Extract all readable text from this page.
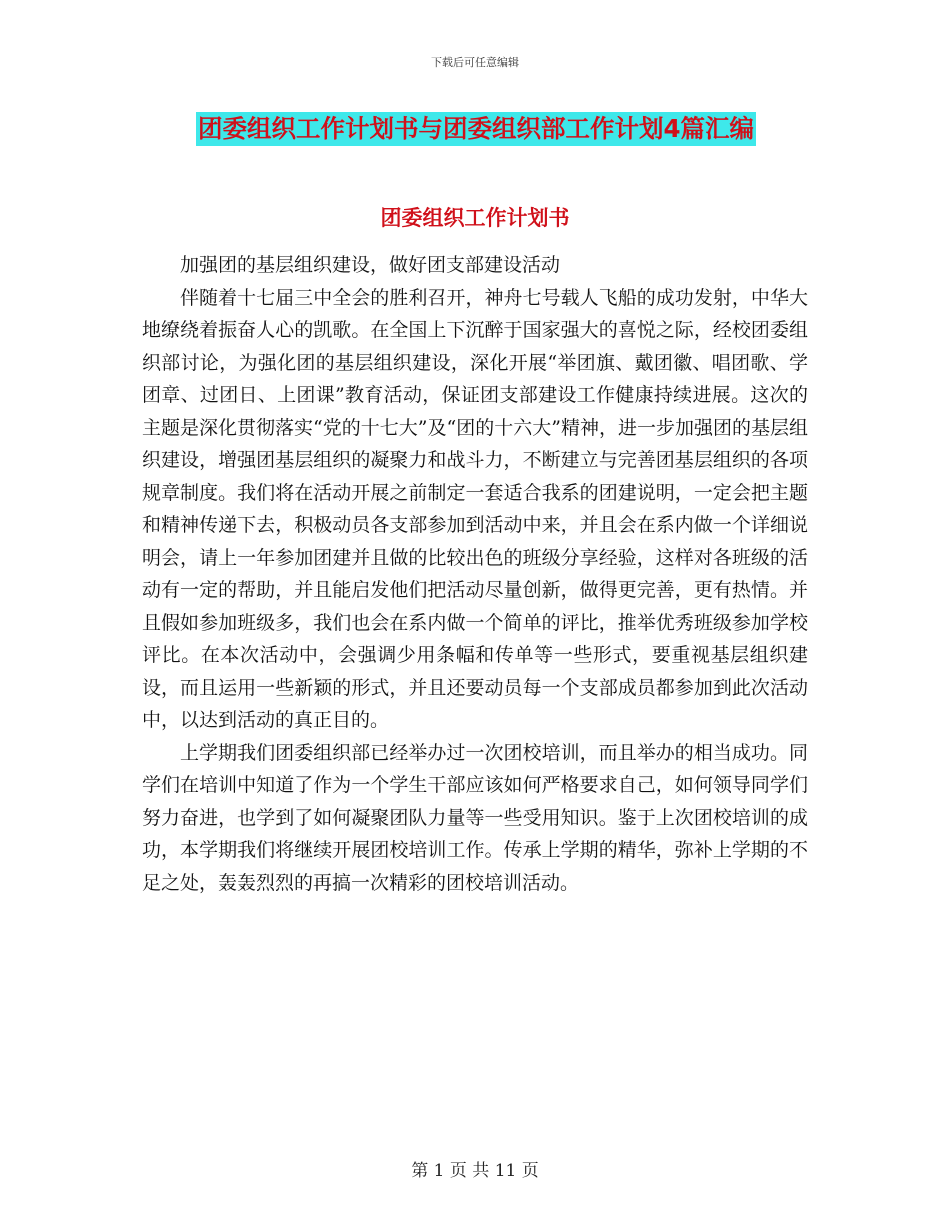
下载后可任意编辑
团委组织工作计划书与团委组织部工作计划4篇汇编
团委组织工作计划书

加强团的基层组织建设，做好团支部建设活动

伴随着十七届三中全会的胜利召开，神舟七号载人飞船的成功发射，中华大地缭绕着振奋人心的凯歌。在全国上下沉醉于国家强大的喜悦之际，经校团委组织部讨论，为强化团的基层组织建设，深化开展“举团旗、戴团徽、唱团歌、学团章、过团日、上团课”教育活动，保证团支部建设工作健康持续进展。这次的主题是深化贯彻落实“党的十七大”及“团的十六大”精神，进一步加强团的基层组织建设，增强团基层组织的凝聚力和战斗力，不断建立与完善团基层组织的各项规章制度。我们将在活动开展之前制定一套适合我系的团建说明，一定会把主题和精神传递下去，积极动员各支部参加到活动中来，并且会在系内做一个详细说明会，请上一年参加团建并且做的比较出色的班级分享经验，这样对各班级的活动有一定的帮助，并且能启发他们把活动尽量创新，做得更完善，更有热情。并且假如参加班级多，我们也会在系内做一个简单的评比，推举优秀班级参加学校评比。在本次活动中，会强调少用条幅和传单等一些形式，要重视基层组织建设，而且运用一些新颖的形式，并且还要动员每一个支部成员都参加到此次活动中，以达到活动的真正目的。

上学期我们团委组织部已经举办过一次团校培训，而且举办的相当成功。同学们在培训中知道了作为一个学生干部应该如何严格要求自己，如何领导同学们努力奋进，也学到了如何凝聚团队力量等一些受用知识。鉴于上次团校培训的成功，本学期我们将继续开展团校培训工作。传承上学期的精华，弥补上学期的不足之处，轰轰烈烈的再搞一次精彩的团校培训活动。

第 1 页 共 11 页
